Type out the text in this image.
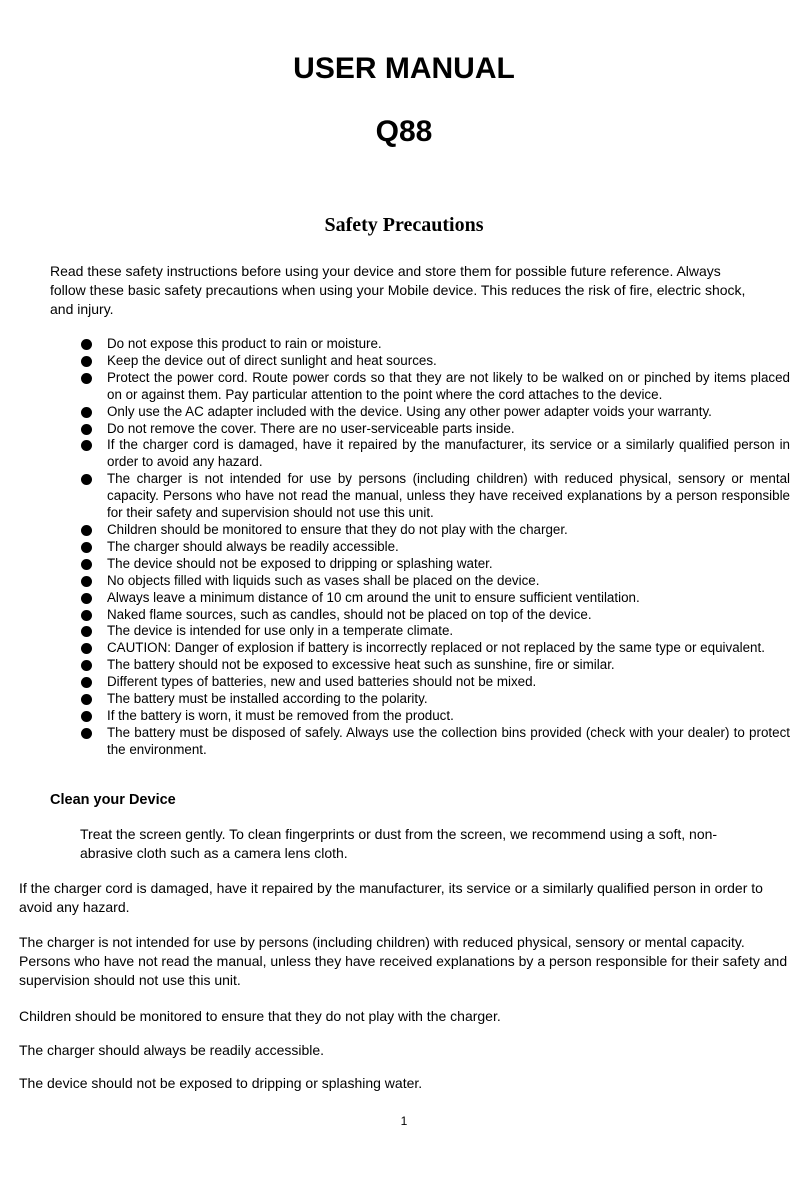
USER MANUAL
Q88
Safety Precautions

Read these safety instructions before using your device and store them for possible future reference. Always follow these basic safety precautions when using your Mobile device. This reduces the risk of fire, electric shock, and injury.

Do not expose this product to rain or moisture.
Keep the device out of direct sunlight and heat sources.
Protect the power cord. Route power cords so that they are not likely to be walked on or pinched by items placed on or against them. Pay particular attention to the point where the cord attaches to the device.
Only use the AC adapter included with the device. Using any other power adapter voids your warranty.
Do not remove the cover. There are no user-serviceable parts inside.
If the charger cord is damaged, have it repaired by the manufacturer, its service or a similarly qualified person in order to avoid any hazard.
The charger is not intended for use by persons (including children) with reduced physical, sensory or mental capacity. Persons who have not read the manual, unless they have received explanations by a person responsible for their safety and supervision should not use this unit.
Children should be monitored to ensure that they do not play with the charger.
The charger should always be readily accessible.
The device should not be exposed to dripping or splashing water.
No objects filled with liquids such as vases shall be placed on the device.
Always leave a minimum distance of 10 cm around the unit to ensure sufficient ventilation.
Naked flame sources, such as candles, should not be placed on top of the device.
The device is intended for use only in a temperate climate.
CAUTION: Danger of explosion if battery is incorrectly replaced or not replaced by the same type or equivalent.
The battery should not be exposed to excessive heat such as sunshine, fire or similar.
Different types of batteries, new and used batteries should not be mixed.
The battery must be installed according to the polarity.
If the battery is worn, it must be removed from the product.
The battery must be disposed of safely. Always use the collection bins provided (check with your dealer) to protect the environment.
Clean your Device

Treat the screen gently. To clean fingerprints or dust from the screen, we recommend using a soft, non-abrasive cloth such as a camera lens cloth.

If the charger cord is damaged, have it repaired by the manufacturer, its service or a similarly qualified person in order to avoid any hazard.

The charger is not intended for use by persons (including children) with reduced physical, sensory or mental capacity. Persons who have not read the manual, unless they have received explanations by a person responsible for their safety and supervision should not use this unit.

Children should be monitored to ensure that they do not play with the charger.

The charger should always be readily accessible.

The device should not be exposed to dripping or splashing water.

1
